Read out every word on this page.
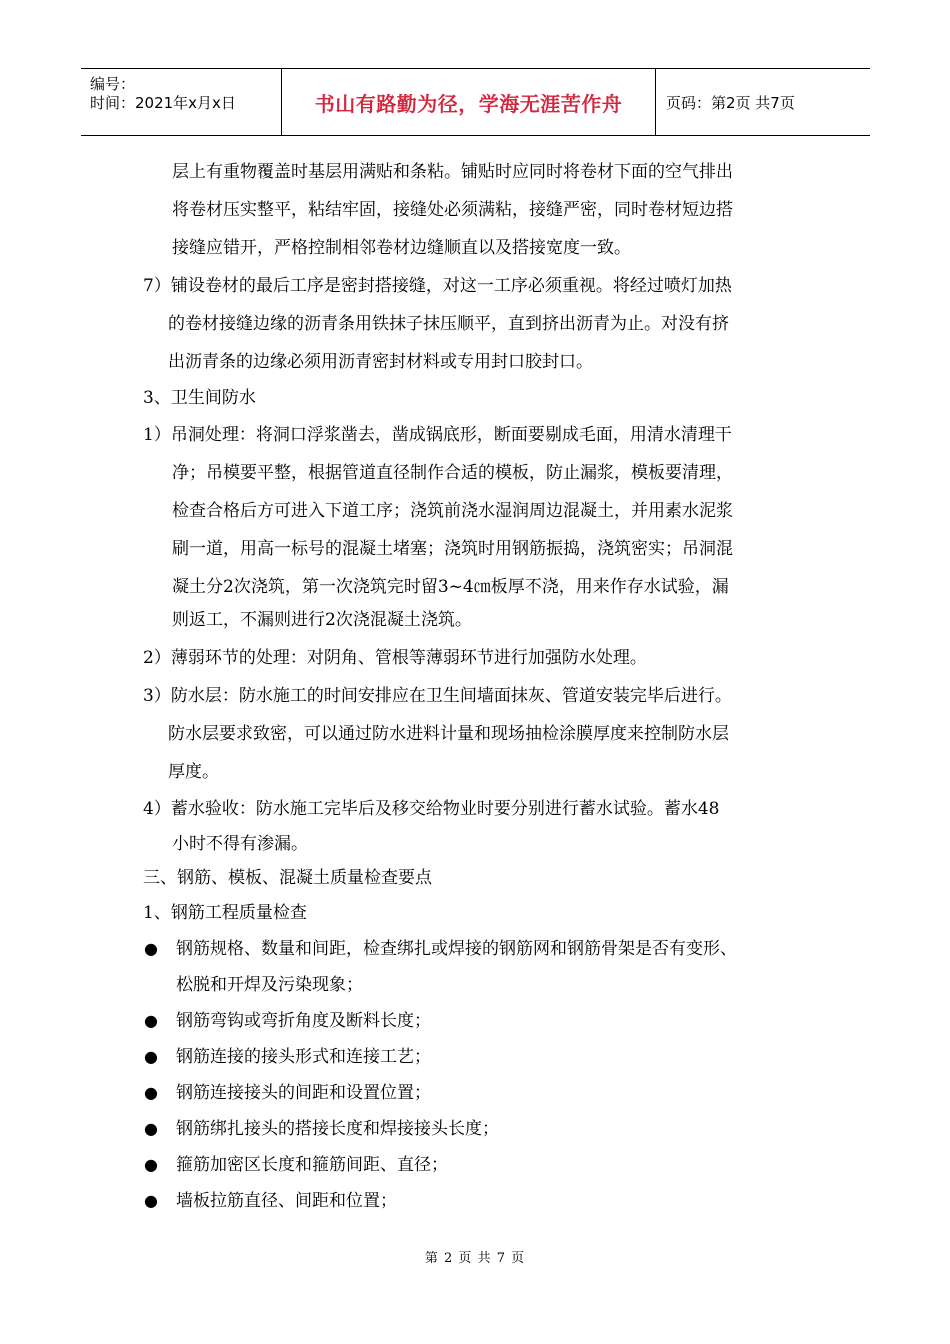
编号：
时间：2021年x月x日	书山有路勤为径，学海无涯苦作舟	页码：第2页 共7页
层上有重物覆盖时基层用满贴和条粘。铺贴时应同时将卷材下面的空气排出
将卷材压实整平，粘结牢固，接缝处必须满粘，接缝严密，同时卷材短边搭
接缝应错开，严格控制相邻卷材边缝顺直以及搭接宽度一致。
7）铺设卷材的最后工序是密封搭接缝，对这一工序必须重视。将经过喷灯加热
的卷材接缝边缘的沥青条用铁抹子抹压顺平，直到挤出沥青为止。对没有挤
出沥青条的边缘必须用沥青密封材料或专用封口胶封口。
3、卫生间防水
1）吊洞处理：将洞口浮浆凿去，凿成锅底形，断面要剔成毛面，用清水清理干
净；吊模要平整，根据管道直径制作合适的模板，防止漏浆，模板要清理，
检查合格后方可进入下道工序；浇筑前浇水湿润周边混凝土，并用素水泥浆
刷一道，用高一标号的混凝土堵塞；浇筑时用钢筋振捣，浇筑密实；吊洞混
凝土分2次浇筑，第一次浇筑完时留3~4㎝板厚不浇，用来作存水试验，漏
则返工，不漏则进行2次浇混凝土浇筑。
2）薄弱环节的处理：对阴角、管根等薄弱环节进行加强防水处理。
3）防水层：防水施工的时间安排应在卫生间墙面抹灰、管道安装完毕后进行。
防水层要求致密，可以通过防水进料计量和现场抽检涂膜厚度来控制防水层
厚度。
4）蓄水验收：防水施工完毕后及移交给物业时要分别进行蓄水试验。蓄水48
小时不得有渗漏。
三、钢筋、模板、混凝土质量检查要点
1、钢筋工程质量检查
● 钢筋规格、数量和间距，检查绑扎或焊接的钢筋网和钢筋骨架是否有变形、
松脱和开焊及污染现象；
● 钢筋弯钩或弯折角度及断料长度；
● 钢筋连接的接头形式和连接工艺；
● 钢筋连接接头的间距和设置位置；
● 钢筋绑扎接头的搭接长度和焊接接头长度；
● 箍筋加密区长度和箍筋间距、直径；
● 墙板拉筋直径、间距和位置；
第 2 页 共 7 页
